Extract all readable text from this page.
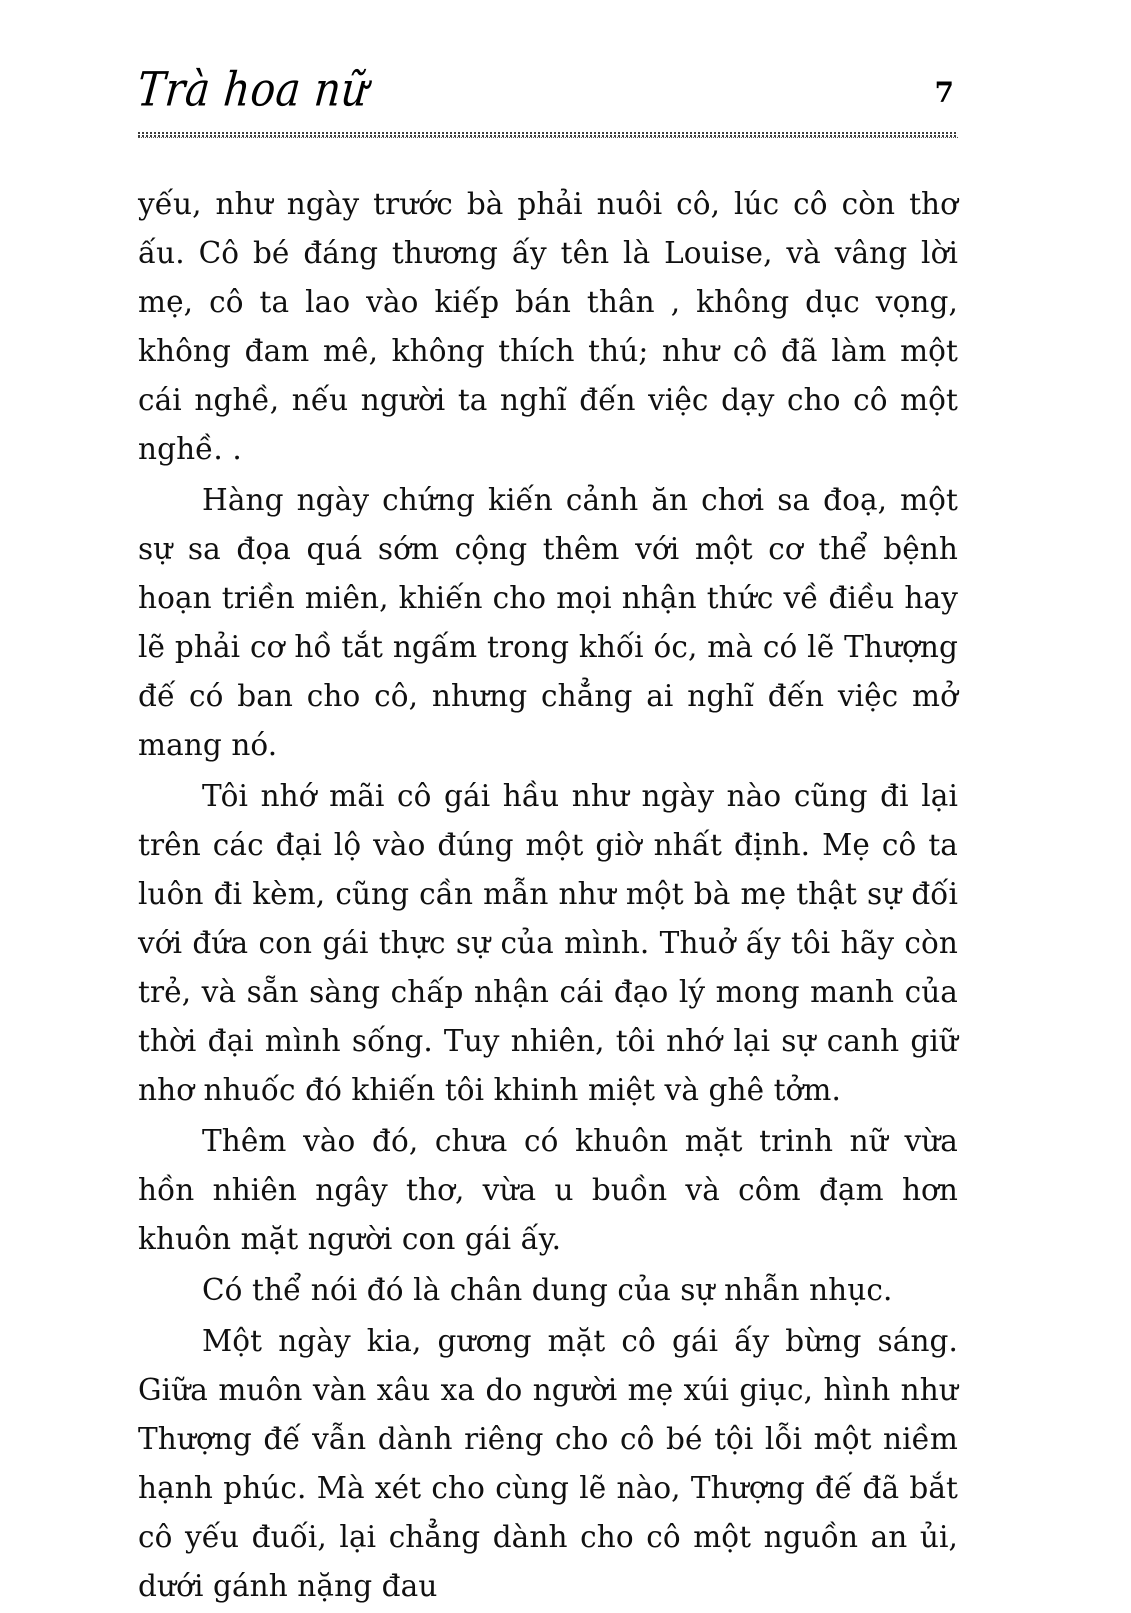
Trà hoa nữ	7

yếu, như ngày trước bà phải nuôi cô, lúc cô còn thơ ấu. Cô bé đáng thương ấy tên là Louise, và vâng lời mẹ, cô ta lao vào kiếp bán thân , không dục vọng, không đam mê, không thích thú; như cô đã làm một cái nghề, nếu người ta nghĩ đến việc dạy cho cô một nghề. .

Hàng ngày chứng kiến cảnh ăn chơi sa đoạ, một sự sa đọa quá sớm cộng thêm với một cơ thể bệnh hoạn triền miên, khiến cho mọi nhận thức về điều hay lẽ phải cơ hồ tắt ngấm trong khối óc, mà có lẽ Thượng đế có ban cho cô, nhưng chẳng ai nghĩ đến việc mở mang nó.

Tôi nhớ mãi cô gái hầu như ngày nào cũng đi lại trên các đại lộ vào đúng một giờ nhất định. Mẹ cô ta luôn đi kèm, cũng cần mẫn như một bà mẹ thật sự đối với đứa con gái thực sự của mình. Thuở ấy tôi hãy còn trẻ, và sẵn sàng chấp nhận cái đạo lý mong manh của thời đại mình sống. Tuy nhiên, tôi nhớ lại sự canh giữ nhơ nhuốc đó khiến tôi khinh miệt và ghê tởm.

Thêm vào đó, chưa có khuôn mặt trinh nữ vừa hồn nhiên ngây thơ, vừa u buồn và côm đạm hơn khuôn mặt người con gái ấy.

Có thể nói đó là chân dung của sự nhẫn nhục.

Một ngày kia, gương mặt cô gái ấy bừng sáng. Giữa muôn vàn xâu xa do người mẹ xúi giục, hình như Thượng đế vẫn dành riêng cho cô bé tội lỗi một niềm hạnh phúc. Mà xét cho cùng lẽ nào, Thượng đế đã bắt cô yếu đuối, lại chẳng dành cho cô một nguồn an ủi, dưới gánh nặng đau
